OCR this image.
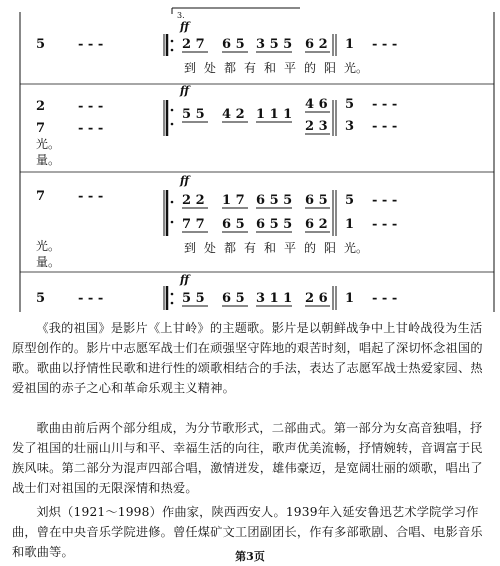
3.
5	- - -
ff
2 7 6 5 3 5 5 6 2 1 - - -
到 处 都 有 和 平 的 阳 光。
2	- - -
7	- - -
光。
量。
ff
5 5 4 2 1 1 1
4 6
2 3
5
3
- - -
- - -
7	- - -
光。
量。
ff
2 2 1 7 6 5 5 6 5
7 7 6 5 6 5 5 6 2
5
1
- - -
- - -
到 处 都 有 和 平 的 阳 光。
5	- - -
ff
5 5 6 5 3 1 1 2 6 1 - - -

《我的祖国》是影片《上甘岭》的主题歌。影片是以朝鲜战争中上甘岭战役为生活原型创作的。影片中志愿军战士们在顽强坚守阵地的艰苦时刻，唱起了深切怀念祖国的歌。歌曲以抒情性民歌和进行性的颂歌相结合的手法，表达了志愿军战士热爱家园、热爱祖国的赤子之心和革命乐观主义精神。

歌曲由前后两个部分组成，为分节歌形式，二部曲式。第一部分为女高音独唱，抒发了祖国的壮丽山川与和平、幸福生活的向往，歌声优美流畅，抒情婉转，音调富于民族风味。第二部分为混声四部合唱，激情迸发，雄伟豪迈，是宽阔壮丽的颂歌，唱出了战士们对祖国的无限深情和热爱。

刘炽（1921～1998）作曲家，陕西西安人。1939年入延安鲁迅艺术学院学习作曲，曾在中央音乐学院进修。曾任煤矿文工团副团长，作有多部歌剧、合唱、电影音乐和歌曲等。	第3页
